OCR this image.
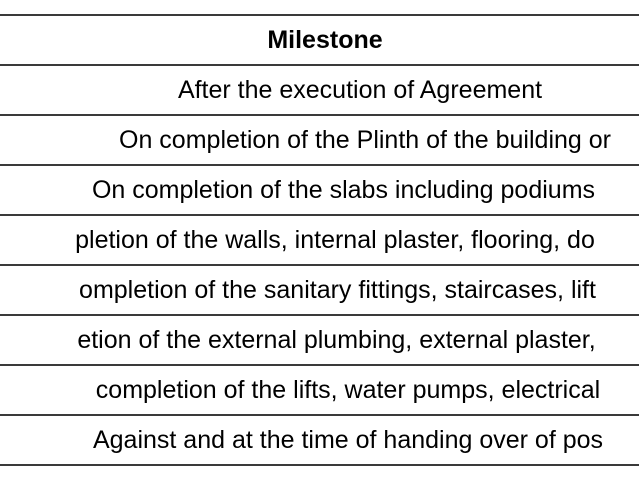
Milestone

After the execution of Agreement

On completion of the Plinth of the building or

On completion of the slabs including podiums

pletion of the walls, internal plaster, flooring, do

ompletion of the sanitary fittings, staircases, lift

etion of the external plumbing, external plaster,

completion of the lifts, water pumps, electrical

Against and at the time of handing over of pos
